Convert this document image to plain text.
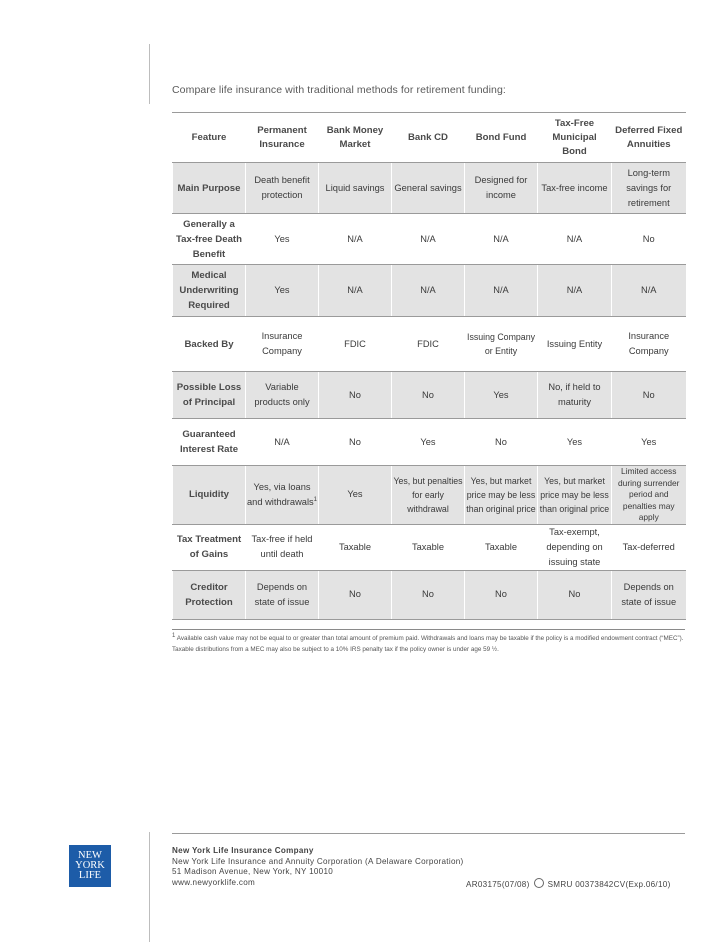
Compare life insurance with traditional methods for retirement funding:
Feature	Permanent Insurance	Bank Money Market	Bank CD	Bond Fund	Tax-Free Municipal Bond	Deferred Fixed Annuities
Main Purpose	Death benefit protection	Liquid savings	General savings	Designed for income	Tax-free income	Long-term savings for retirement
Generally a Tax-free Death Benefit	Yes	N/A	N/A	N/A	N/A	No
Medical Underwriting Required	Yes	N/A	N/A	N/A	N/A	N/A
Backed By	Insurance Company	FDIC	FDIC	Issuing Company or Entity	Issuing Entity	Insurance Company
Possible Loss of Principal	Variable products only	No	No	Yes	No, if held to maturity	No
Guaranteed Interest Rate	N/A	No	Yes	No	Yes	Yes
Liquidity	Yes, via loans and withdrawals$^1$	Yes	Yes, but penalties for early withdrawal	Yes, but market price may be less than original price	Yes, but market price may be less than original price	Limited access during surrender period and penalties may apply
Tax Treatment of Gains	Tax-free if held until death	Taxable	Taxable	Taxable	Tax-exempt, depending on issuing state	Tax-deferred
Creditor Protection	Depends on state of issue	No	No	No	No	Depends on state of issue
$^1$ Available cash value may not be equal to or greater than total amount of premium paid. Withdrawals and loans may be taxable if the policy is a modified endowment contract (“MEC”). Taxable distributions from a MEC may also be subject to a 10% IRS penalty tax if the policy owner is under age 59 ½.
NEW
YORK
LIFE
New York Life Insurance Company
New York Life Insurance and Annuity Corporation (A Delaware Corporation)
51 Madison Avenue, New York, NY 10010
www.newyorklife.com	AR03175(07/08) SMRU 00373842CV(Exp.06/10)
